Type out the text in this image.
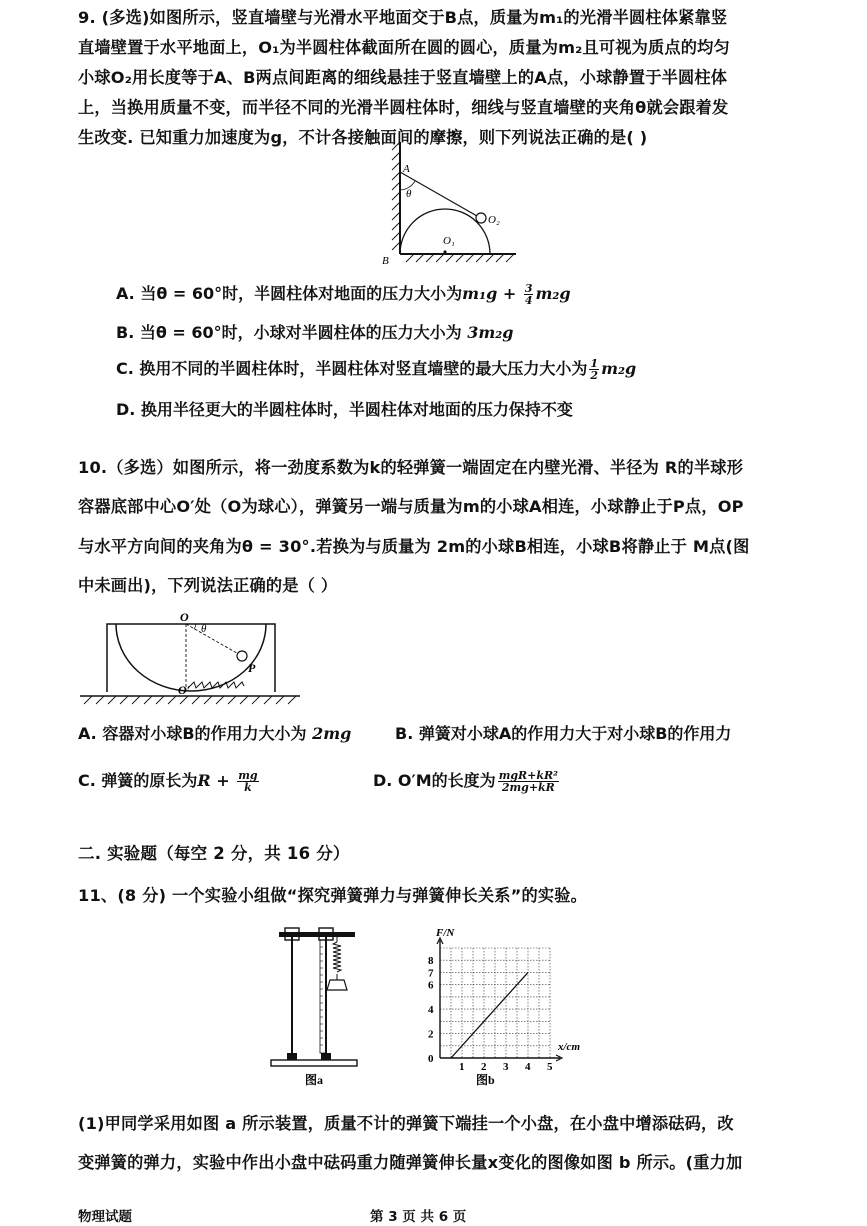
9. (多选)如图所示，竖直墙壁与光滑水平地面交于B点，质量为m₁的光滑半圆柱体紧靠竖
直墙壁置于水平地面上，O₁为半圆柱体截面所在圆的圆心，质量为m₂且可视为质点的均匀
小球O₂用长度等于A、B两点间距离的细线悬挂于竖直墙壁上的A点，小球静置于半圆柱体
上，当换用质量不变，而半径不同的光滑半圆柱体时，细线与竖直墙壁的夹角θ就会跟着发
生改变. 已知重力加速度为g，不计各接触面间的摩擦，则下列说法正确的是( )
A
θ
O₂
O₁
B
A. 当θ = 60°时，半圆柱体对地面的压力大小为$m_1g + \frac{3}{4} m_2g$
B. 当θ = 60°时，小球对半圆柱体的压力大小为 3m₂g
C. 换用不同的半圆柱体时，半圆柱体对竖直墙壁的最大压力大小为 $\frac{1}{2} m_2g$
D. 换用半径更大的半圆柱体时，半圆柱体对地面的压力保持不变
10.（多选）如图所示，将一劲度系数为k的轻弹簧一端固定在内壁光滑、半径为 R的半球形
容器底部中心O′处（O为球心），弹簧另一端与质量为m的小球A相连，小球静止于P点，OP
与水平方向间的夹角为θ = 30°.若换为与质量为 2m的小球B相连，小球B将静止于 M点(图
中未画出)，下列说法正确的是（ ）
O
θ
P
O′
A. 容器对小球B的作用力大小为 2mg	B. 弹簧对小球A的作用力大于对小球B的作用力
C. 弹簧的原长为$R + \frac{mg}{k}$	D. O′M的长度为 $\frac{\text{mgR+kR²}}{2mg+kR}$
二. 实验题（每空 2 分，共 16 分）
11、(8 分) 一个实验小组做“探究弹簧弹力与弹簧伸长关系”的实验。
图a
1 2 3 4 5
0
2
4
6
7
8
F/N
x/cm
图b
(1)甲同学采用如图 a 所示装置，质量不计的弹簧下端挂一个小盘，在小盘中增添砝码，改
变弹簧的弹力，实验中作出小盘中砝码重力随弹簧伸长量x变化的图像如图 b 所示。(重力加
物理试题	第 3 页 共 6 页
